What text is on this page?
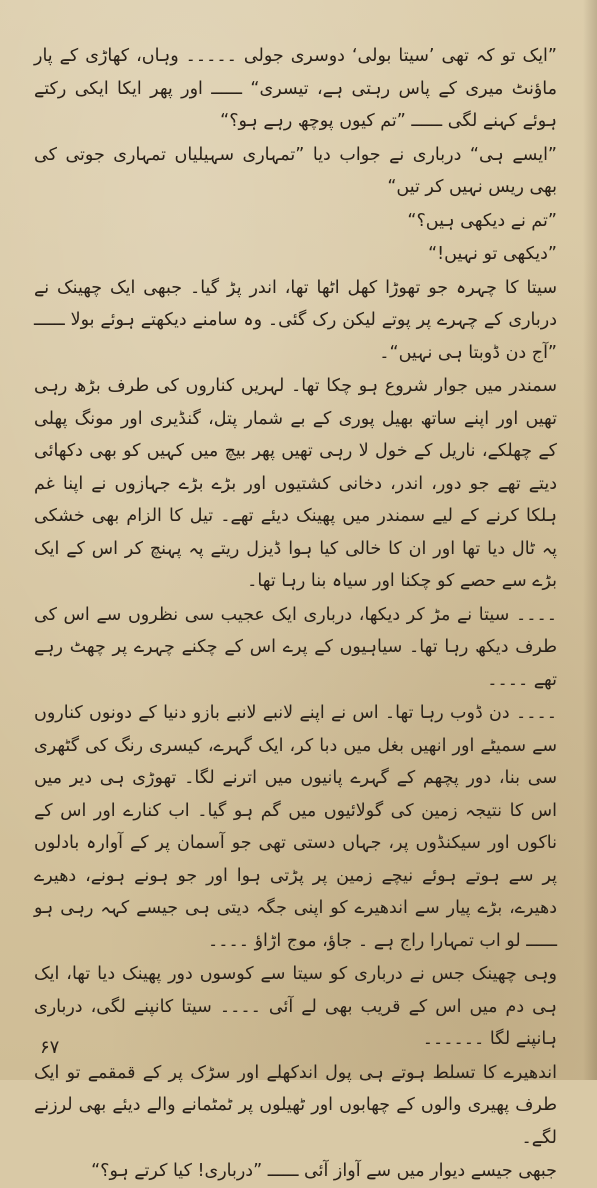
”ایک تو کہ تھی ’سیتا بولی‘ دوسری جولی ۔۔۔۔۔ وہاں، کھاڑی کے پار ماؤنٹ میری کے پاس رہتی ہے، تیسری“ ــــــ اور پھر ایکا ایکی رکتے ہوئے کہنے لگی ــــــ ”تم کیوں پوچھ رہے ہو؟“

”ایسے ہی“ درباری نے جواب دیا ”تمہاری سہیلیاں تمہاری جوتی کی بھی ریس نہیں کر تیں“

”تم نے دیکھی ہیں؟“

”دیکھی تو نہیں!“

سیتا کا چہرہ جو تھوڑا کھل اٹھا تھا، اندر پڑ گیا۔ جبھی ایک چھینک نے درباری کے چہرے پر پوتے لیکن رک گئی۔ وہ سامنے دیکھتے ہوئے بولا ــــــ ”آج دن ڈوبتا ہی نہیں“۔

سمندر میں جوار شروع ہو چکا تھا۔ لہریں کناروں کی طرف بڑھ رہی تھیں اور اپنے ساتھ بھیل پوری کے بے شمار پتل، گنڈیری اور مونگ پھلی کے چھلکے، ناریل کے خول لا رہی تھیں پھر بیچ میں کہیں کو بھی دکھائی دیتے تھے جو دور، اندر، دخانی کشتیوں اور بڑے بڑے جہازوں نے اپنا غم ہلکا کرنے کے لیے سمندر میں پھینک دیئے تھے۔ تیل کا الزام بھی خشکی پہ ٹال دیا تھا اور ان کا خالی کیا ہوا ڈیزل ریتے پہ پہنچ کر اس کے ایک بڑے سے حصے کو چکنا اور سیاہ بنا رہا تھا۔

۔۔۔۔ سیتا نے مڑ کر دیکھا، درباری ایک عجیب سی نظروں سے اس کی طرف دیکھ رہا تھا۔ سیاہیوں کے پرے اس کے چکنے چہرے پر چھٹ رہے تھے ۔۔۔۔

۔۔۔۔ دن ڈوب رہا تھا۔ اس نے اپنے لانبے لانبے بازو دنیا کے دونوں کناروں سے سمیٹے اور انھیں بغل میں دبا کر، ایک گہرے، کیسری رنگ کی گٹھری سی بنا، دور پچھم کے گہرے پانیوں میں اترنے لگا۔ تھوڑی ہی دیر میں اس کا نتیجہ زمین کی گولائیوں میں گم ہو گیا۔ اب کنارے اور اس کے ناکوں اور سیکنڈوں پر، جہاں دستی تھی جو آسمان پر کے آوارہ بادلوں پر سے ہوتے ہوئے نیچے زمین پر پڑتی ہوا اور جو ہونے ہونے، دھیرے دھیرے، بڑے پیار سے اندھیرے کو اپنی جگہ دیتی ہی جیسے کہہ رہی ہو ــــــ لو اب تمہارا راج ہے ۔ جاؤ، موج اڑاؤ ۔۔۔۔

وہی چھینک جس نے درباری کو سیتا سے کوسوں دور پھینک دیا تھا، ایک ہی دم میں اس کے قریب بھی لے آئی ۔۔۔۔ سیتا کانپنے لگی، درباری ہانپنے لگا ۔۔۔۔۔۔

اندھیرے کا تسلط ہوتے ہی پول اندکھلے اور سڑک پر کے قمقمے تو ایک طرف پھیری والوں کے چھابوں اور ٹھیلوں پر ٹمٹمانے والے دیئے بھی لرزنے لگے۔

جبھی جیسے دیوار میں سے آواز آئی ــــــ ”درباری! کیا کرتے ہو؟“

۶۷
